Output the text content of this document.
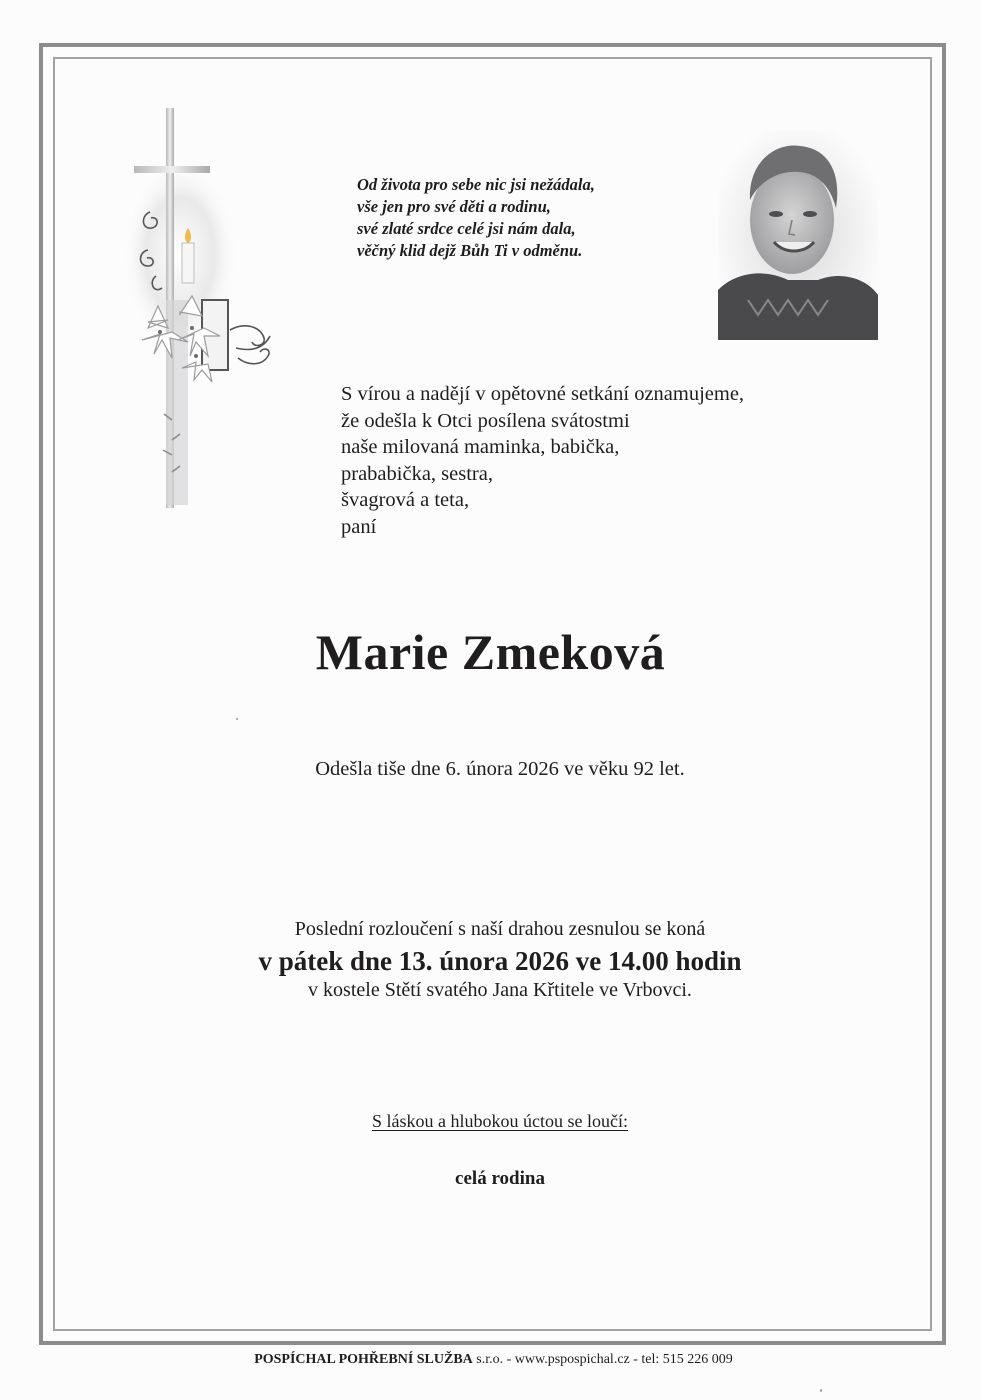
Od života pro sebe nic jsi nežádala,
vše jen pro své děti a rodinu,
své zlaté srdce celé jsi nám dala,
věčný klid dejž Bůh Ti v odměnu.
S vírou a nadějí v opětovné setkání oznamujeme,
že odešla k Otci posílena svátostmi
naše milovaná maminka, babička,
prababička, sestra,
švagrová a teta,
paní
Marie Zmeková
Odešla tiše dne 6. února 2026 ve věku 92 let.
Poslední rozloučení s naší drahou zesnulou se koná
v pátek dne 13. února 2026 ve 14.00 hodin
v kostele Stětí svatého Jana Křtitele ve Vrbovci.
S láskou a hlubokou úctou se loučí:
celá rodina
POSPÍCHAL POHŘEBNÍ SLUŽBA s.r.o. - www.pspospichal.cz - tel: 515 226 009
